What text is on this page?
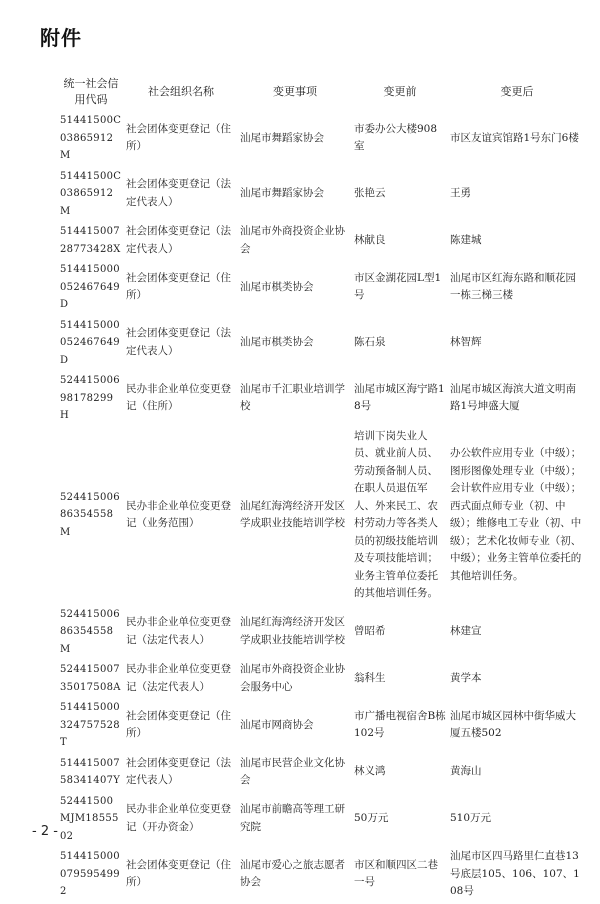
附件
统一社会信用代码	社会组织名称	变更事项	变更前	变更后
51441500C03865912M	社会团体变更登记（住所）	汕尾市舞蹈家协会	市委办公大楼908室	市区友谊宾馆路1号东门6楼
51441500C03865912M	社会团体变更登记（法定代表人）	汕尾市舞蹈家协会	张艳云	王勇
51441500728773428X	社会团体变更登记（法定代表人）	汕尾市外商投资企业协会	林献良	陈建城
514415000052467649D	社会团体变更登记（住所）	汕尾市棋类协会	市区金湖花园L型1号	汕尾市区红海东路和顺花园一栋三梯三楼
514415000052467649D	社会团体变更登记（法定代表人）	汕尾市棋类协会	陈石泉	林智辉
52441500698178299H	民办非企业单位变更登记（住所）	汕尾市千汇职业培训学校	汕尾市城区海宁路18号	汕尾市城区海滨大道文明南路1号坤盛大厦
52441500686354558M	民办非企业单位变更登记（业务范围）	汕尾红海湾经济开发区学成职业技能培训学校	培训下岗失业人员、就业前人员、劳动预备制人员、在职人员退伍军人、外来民工、农村劳动力等各类人员的初级技能培训及专项技能培训；业务主管单位委托的其他培训任务。	办公软件应用专业（中级）；图形图像处理专业（中级）；会计软件应用专业（中级）；西式面点师专业（初、中级）；维修电工专业（初、中级）；艺术化妆师专业（初、中级）；业务主管单位委托的其他培训任务。
52441500686354558M	民办非企业单位变更登记（法定代表人）	汕尾红海湾经济开发区学成职业技能培训学校	曾昭希	林建宣
52441500735017508A	民办非企业单位变更登记（法定代表人）	汕尾市外商投资企业协会服务中心	翁科生	黄学本
514415000324757528T	社会团体变更登记（住所）	汕尾市网商协会	市广播电视宿舍B栋102号	汕尾市城区园林中街华威大厦五楼502
51441500758341407Y	社会团体变更登记（法定代表人）	汕尾市民营企业文化协会	林义鸿	黄海山
52441500MJM1855502	民办非企业单位变更登记（开办资金）	汕尾市前瞻高等理工研究院	50万元	510万元
5144150000795954992	社会团体变更登记（住所）	汕尾市爱心之旅志愿者协会	市区和顺四区二巷一号	汕尾市区四马路里仁直巷13号底层105、106、107、108号
- 2 -
